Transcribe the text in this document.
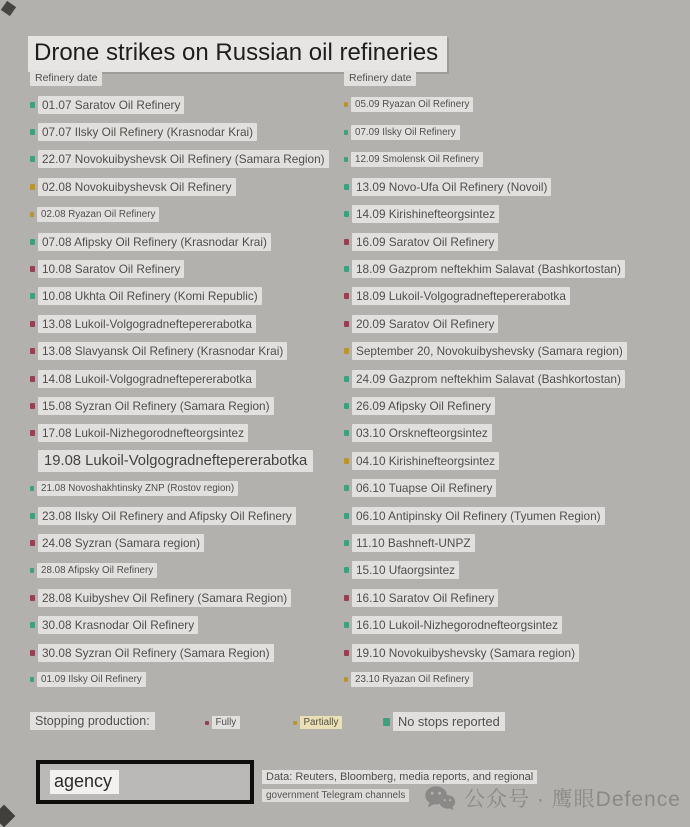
Drone strikes on Russian oil refineries
Refinery date
01.07 Saratov Oil Refinery
07.07 Ilsky Oil Refinery (Krasnodar Krai)
22.07 Novokuibyshevsk Oil Refinery (Samara Region)
02.08 Novokuibyshevsk Oil Refinery
02.08 Ryazan Oil Refinery
07.08 Afipsky Oil Refinery (Krasnodar Krai)
10.08 Saratov Oil Refinery
10.08 Ukhta Oil Refinery (Komi Republic)
13.08 Lukoil-Volgogradneftepererabotka
13.08 Slavyansk Oil Refinery (Krasnodar Krai)
14.08 Lukoil-Volgogradneftepererabotka
15.08 Syzran Oil Refinery (Samara Region)
17.08 Lukoil-Nizhegorodnefteorgsintez
19.08 Lukoil-Volgogradneftepererabotka
21.08 Novoshakhtinsky ZNP (Rostov region)
23.08 Ilsky Oil Refinery and Afipsky Oil Refinery
24.08 Syzran (Samara region)
28.08 Afipsky Oil Refinery
28.08 Kuibyshev Oil Refinery (Samara Region)
30.08 Krasnodar Oil Refinery
30.08 Syzran Oil Refinery (Samara Region)
01.09 Ilsky Oil Refinery
Refinery date
05.09 Ryazan Oil Refinery
07.09 Ilsky Oil Refinery
12.09 Smolensk Oil Refinery
13.09 Novo-Ufa Oil Refinery (Novoil)
14.09 Kirishinefteorgsintez
16.09 Saratov Oil Refinery
18.09 Gazprom neftekhim Salavat (Bashkortostan)
18.09 Lukoil-Volgogradneftepererabotka
20.09 Saratov Oil Refinery
September 20, Novokuibyshevsky (Samara region)
24.09 Gazprom neftekhim Salavat (Bashkortostan)
26.09 Afipsky Oil Refinery
03.10 Orsknefteorgsintez
04.10 Kirishinefteorgsintez
06.10 Tuapse Oil Refinery
06.10 Antipinsky Oil Refinery (Tyumen Region)
11.10 Bashneft-UNPZ
15.10 Ufaorgsintez
16.10 Saratov Oil Refinery
16.10 Lukoil-Nizhegorodnefteorgsintez
19.10 Novokuibyshevsky (Samara region)
23.10 Ryazan Oil Refinery
Stopping production:	Fully	Partially	No stops reported
agency	Data: Reuters, Bloomberg, media reports, and regional
government Telegram channels	公众号 · 鹰眼Defence
